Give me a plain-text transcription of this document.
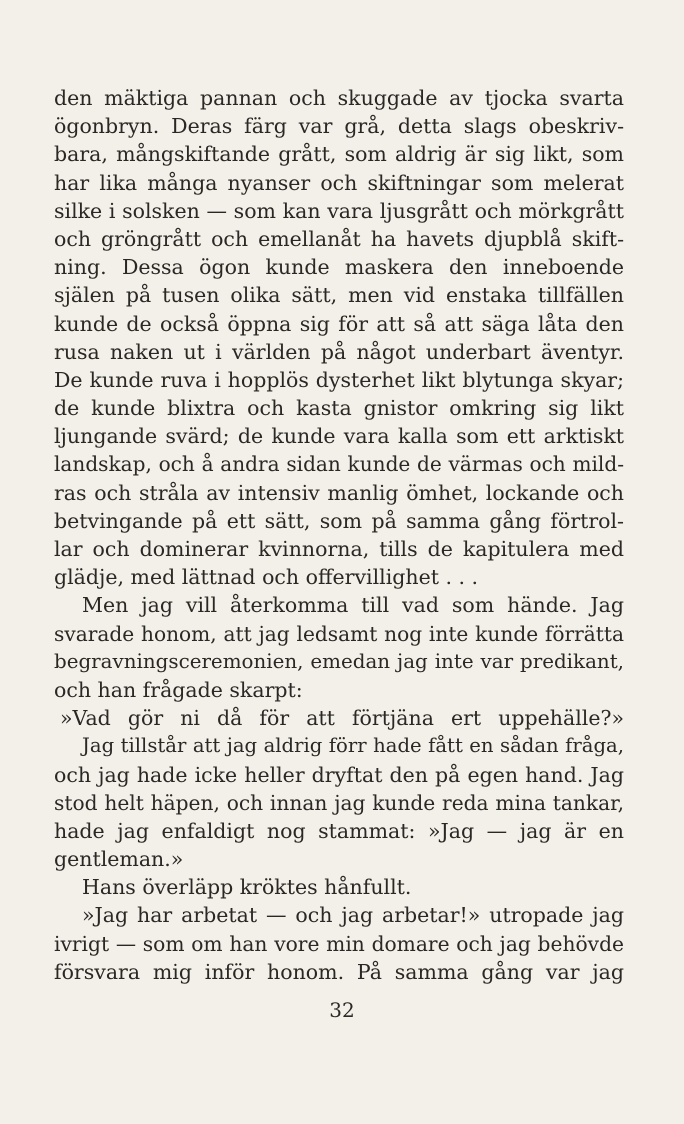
den mäktiga pannan och skuggade av tjocka svarta
ögonbryn. Deras färg var grå, detta slags obeskriv-
bara, mångskiftande grått, som aldrig är sig likt, som
har lika många nyanser och skiftningar som melerat
silke i solsken — som kan vara ljusgrått och mörkgrått
och gröngrått och emellanåt ha havets djupblå skift-
ning. Dessa ögon kunde maskera den inneboende
själen på tusen olika sätt, men vid enstaka tillfällen
kunde de också öppna sig för att så att säga låta den
rusa naken ut i världen på något underbart äventyr.
De kunde ruva i hopplös dysterhet likt blytunga skyar;
de kunde blixtra och kasta gnistor omkring sig likt
ljungande svärd; de kunde vara kalla som ett arktiskt
landskap, och å andra sidan kunde de värmas och mild-
ras och stråla av intensiv manlig ömhet, lockande och
betvingande på ett sätt, som på samma gång förtrol-
lar och dominerar kvinnorna, tills de kapitulera med
glädje, med lättnad och offervillighet . . .
Men jag vill återkomma till vad som hände. Jag
svarade honom, att jag ledsamt nog inte kunde förrätta
begravningsceremonien, emedan jag inte var predikant,
och han frågade skarpt:
»Vad gör ni då för att förtjäna ert uppehälle?»
Jag tillstår att jag aldrig förr hade fått en sådan fråga,
och jag hade icke heller dryftat den på egen hand. Jag
stod helt häpen, och innan jag kunde reda mina tankar,
hade jag enfaldigt nog stammat: »Jag — jag är en
gentleman.»
Hans överläpp kröktes hånfullt.
»Jag har arbetat — och jag arbetar!» utropade jag
ivrigt — som om han vore min domare och jag behövde
försvara mig inför honom. På samma gång var jag
32
